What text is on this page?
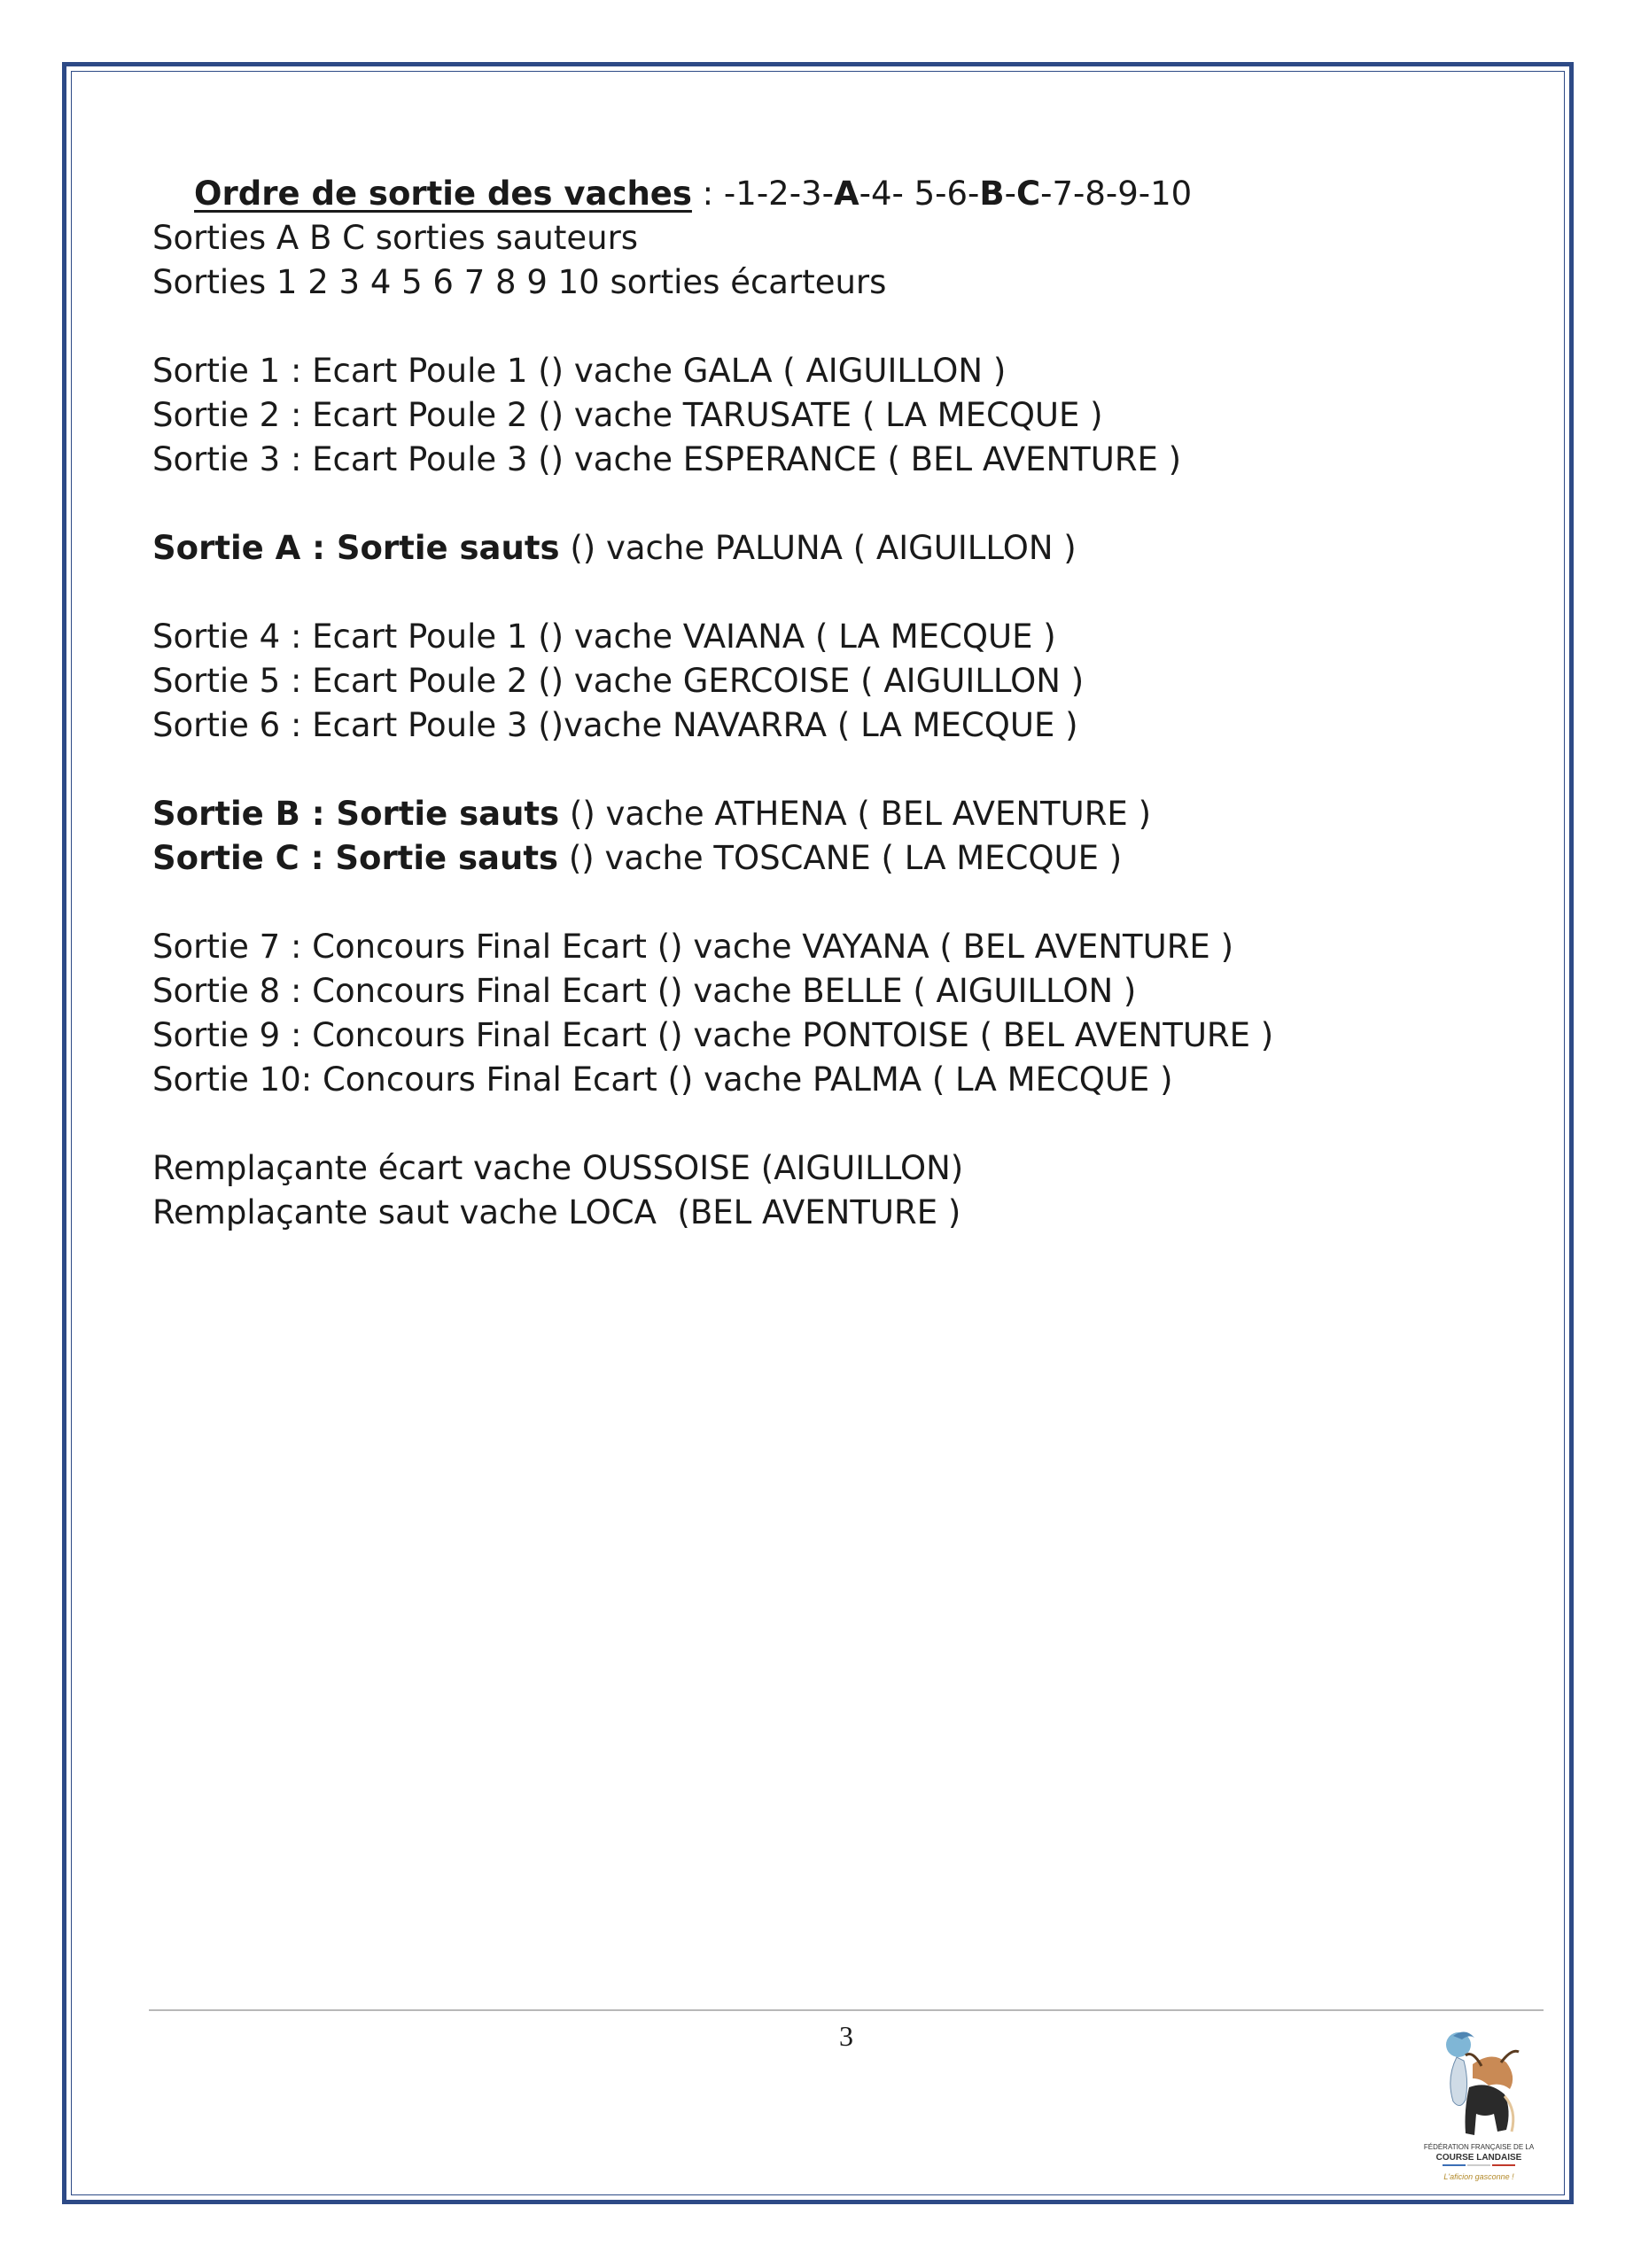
Ordre de sortie des vaches : -1-2-3-A-4- 5-6-B-C-7-8-9-10

Sorties A B C sorties sauteurs
Sorties 1 2 3 4 5 6 7 8 9 10 sorties écarteurs
Sortie 1 : Ecart Poule 1 () vache GALA ( AIGUILLON )
Sortie 2 : Ecart Poule 2 () vache TARUSATE ( LA MECQUE )
Sortie 3 : Ecart Poule 3 () vache ESPERANCE ( BEL AVENTURE )
Sortie A : Sortie sauts () vache PALUNA ( AIGUILLON )
Sortie 4 : Ecart Poule 1 () vache VAIANA ( LA MECQUE )
Sortie 5 : Ecart Poule 2 () vache GERCOISE ( AIGUILLON )
Sortie 6 : Ecart Poule 3 ()vache NAVARRA ( LA MECQUE )
Sortie B : Sortie sauts () vache ATHENA ( BEL AVENTURE )
Sortie C : Sortie sauts () vache TOSCANE ( LA MECQUE )
Sortie 7 : Concours Final Ecart () vache VAYANA ( BEL AVENTURE )
Sortie 8 : Concours Final Ecart () vache BELLE ( AIGUILLON )
Sortie 9 : Concours Final Ecart () vache PONTOISE ( BEL AVENTURE )
Sortie 10: Concours Final Ecart () vache PALMA ( LA MECQUE )
Remplaçante écart vache OUSSOISE (AIGUILLON)
Remplaçante saut vache LOCA  (BEL AVENTURE )
3
FÉDÉRATION FRANÇAISE DE LA
COURSE LANDAISE
L'aficion gasconne !
